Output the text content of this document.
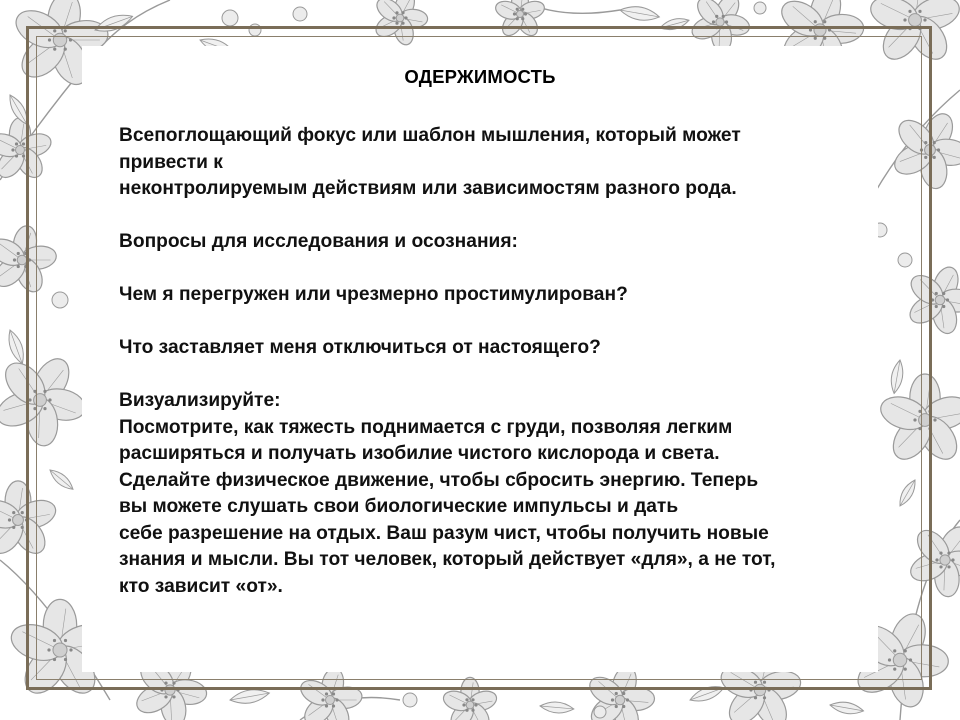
ОДЕРЖИМОСТЬ
Всепоглощающий фокус или шаблон мышления, который может
привести к
неконтролируемым действиям или зависимостям разного рода.
Вопросы для исследования и осознания:
Чем я перегружен или чрезмерно простимулирован?
Что заставляет меня отключиться от настоящего?
Визуализируйте:
Посмотрите, как тяжесть поднимается с груди, позволяя легким
расширяться и получать изобилие чистого кислорода и света.
Сделайте физическое движение, чтобы сбросить энергию. Теперь
вы можете слушать свои биологические импульсы и дать
себе разрешение на отдых. Ваш разум чист, чтобы получить новые
знания и мысли. Вы тот человек, который действует «для», а не тот,
кто зависит «от».
